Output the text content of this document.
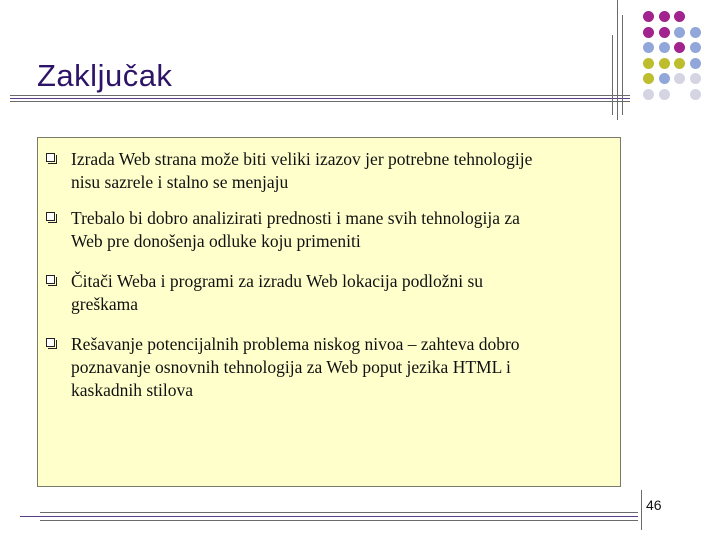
Zaključak
Izrada Web strana može biti veliki izazov jer potrebne tehnologije
nisu sazrele i stalno se menjaju
Trebalo bi dobro analizirati prednosti i mane svih tehnologija za
Web pre donošenja odluke koju primeniti
Čitači Weba i programi za izradu Web lokacija podložni su
greškama
Rešavanje potencijalnih problema niskog nivoa – zahteva dobro
poznavanje osnovnih tehnologija za Web poput jezika HTML i
kaskadnih stilova
46
